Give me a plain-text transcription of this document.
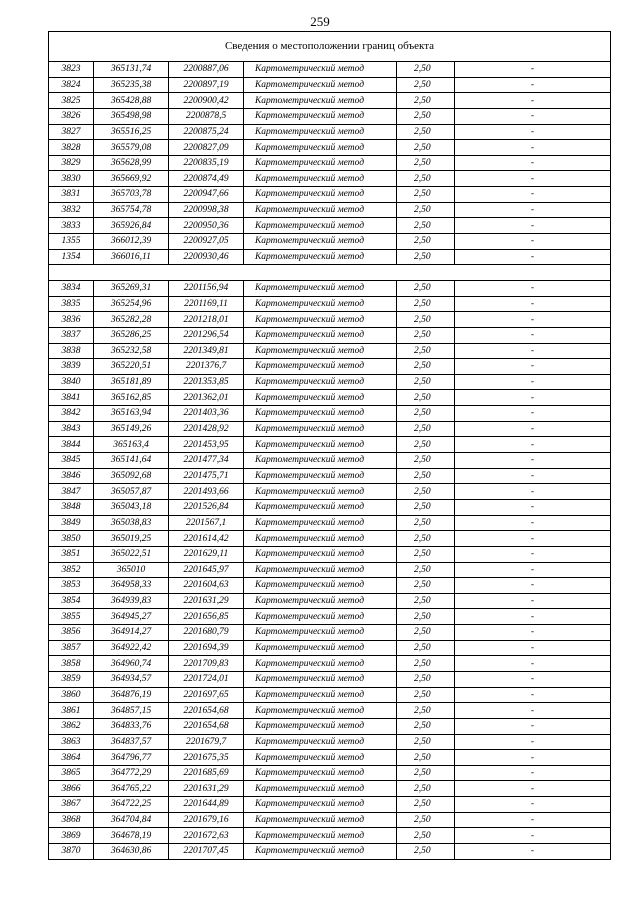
259
Сведения о местоположении границ объекта					
3823	365131,74	2200887,06	Картометрический метод	2,50	-
3824	365235,38	2200897,19	Картометрический метод	2,50	-
3825	365428,88	2200900,42	Картометрический метод	2,50	-
3826	365498,98	2200878,5	Картометрический метод	2,50	-
3827	365516,25	2200875,24	Картометрический метод	2,50	-
3828	365579,08	2200827,09	Картометрический метод	2,50	-
3829	365628,99	2200835,19	Картометрический метод	2,50	-
3830	365669,92	2200874,49	Картометрический метод	2,50	-
3831	365703,78	2200947,66	Картометрический метод	2,50	-
3832	365754,78	2200998,38	Картометрический метод	2,50	-
3833	365926,84	2200950,36	Картометрический метод	2,50	-
1355	366012,39	2200927,05	Картометрический метод	2,50	-
1354	366016,11	2200930,46	Картометрический метод	2,50	-

3834	365269,31	2201156,94	Картометрический метод	2,50	-
3835	365254,96	2201169,11	Картометрический метод	2,50	-
3836	365282,28	2201218,01	Картометрический метод	2,50	-
3837	365286,25	2201296,54	Картометрический метод	2,50	-
3838	365232,58	2201349,81	Картометрический метод	2,50	-
3839	365220,51	2201376,7	Картометрический метод	2,50	-
3840	365181,89	2201353,85	Картометрический метод	2,50	-
3841	365162,85	2201362,01	Картометрический метод	2,50	-
3842	365163,94	2201403,36	Картометрический метод	2,50	-
3843	365149,26	2201428,92	Картометрический метод	2,50	-
3844	365163,4	2201453,95	Картометрический метод	2,50	-
3845	365141,64	2201477,34	Картометрический метод	2,50	-
3846	365092,68	2201475,71	Картометрический метод	2,50	-
3847	365057,87	2201493,66	Картометрический метод	2,50	-
3848	365043,18	2201526,84	Картометрический метод	2,50	-
3849	365038,83	2201567,1	Картометрический метод	2,50	-
3850	365019,25	2201614,42	Картометрический метод	2,50	-
3851	365022,51	2201629,11	Картометрический метод	2,50	-
3852	365010	2201645,97	Картометрический метод	2,50	-
3853	364958,33	2201604,63	Картометрический метод	2,50	-
3854	364939,83	2201631,29	Картометрический метод	2,50	-
3855	364945,27	2201656,85	Картометрический метод	2,50	-
3856	364914,27	2201680,79	Картометрический метод	2,50	-
3857	364922,42	2201694,39	Картометрический метод	2,50	-
3858	364960,74	2201709,83	Картометрический метод	2,50	-
3859	364934,57	2201724,01	Картометрический метод	2,50	-
3860	364876,19	2201697,65	Картометрический метод	2,50	-
3861	364857,15	2201654,68	Картометрический метод	2,50	-
3862	364833,76	2201654,68	Картометрический метод	2,50	-
3863	364837,57	2201679,7	Картометрический метод	2,50	-
3864	364796,77	2201675,35	Картометрический метод	2,50	-
3865	364772,29	2201685,69	Картометрический метод	2,50	-
3866	364765,22	2201631,29	Картометрический метод	2,50	-
3867	364722,25	2201644,89	Картометрический метод	2,50	-
3868	364704,84	2201679,16	Картометрический метод	2,50	-
3869	364678,19	2201672,63	Картометрический метод	2,50	-
3870	364630,86	2201707,45	Картометрический метод	2,50	-
